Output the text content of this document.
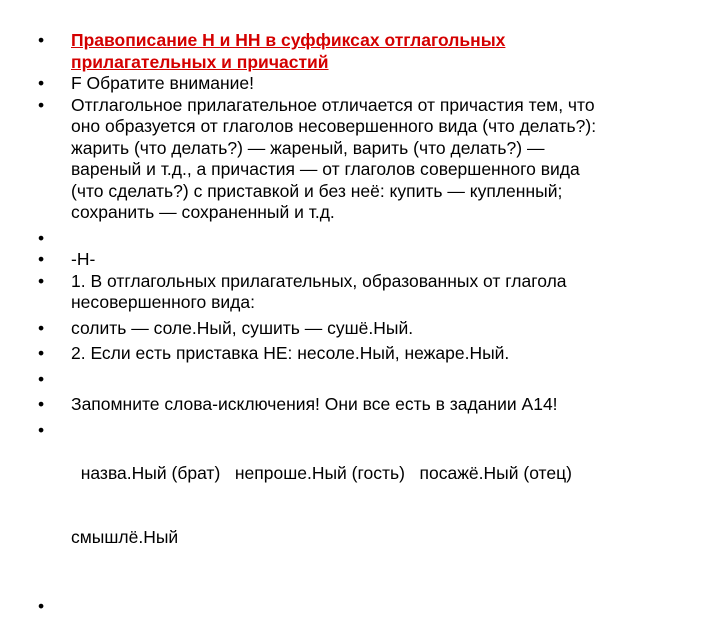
•	Правописание Н и НН в суффиксах отглагольных
прилагательных и причастий
•	F Обратите внимание!
•	Отглагольное прилагательное отличается от причастия тем, что
оно образуется от глаголов несовершенного вида (что делать?):
жарить (что делать?) — жареный, варить (что делать?) —
вареный и т.д., а причастия — от глаголов совершенного вида
(что сделать?) с приставкой и без неё: купить — купленный;
сохранить — сохраненный и т.д.
•
•	-Н-
•	1. В отглагольных прилагательных, образованных от глагола
несовершенного вида:
•	солить — соле.Ный, сушить — сушё.Ный.
•	2. Если есть приставка НЕ: несоле.Ный, нежаре.Ный.
•
•	Запомните слова-исключения! Они все есть в задании А14!
•

назва.Ный (брат)   непроше.Ный (гость)   посажё.Ный (отец)

смышлё.Ный

•
